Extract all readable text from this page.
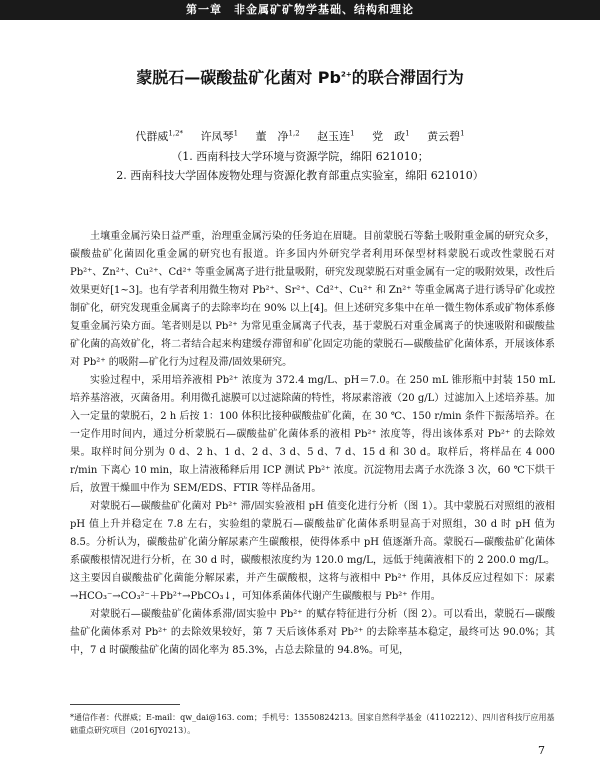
第一章　非金属矿矿物学基础、结构和理论
蒙脱石—碳酸盐矿化菌对 $Pb^{2+}$的联合滞固行为
代群威$^{1,2*}$ 许凤琴$^1$ 董　净$^{1,2}$ 赵玉连$^1$ 党　政$^1$ 黄云碧$^1$
（1. 西南科技大学环境与资源学院，绵阳 621010；
2. 西南科技大学固体废物处理与资源化教育部重点实验室，绵阳 621010）

土壤重金属污染日益严重，治理重金属污染的任务迫在眉睫。目前蒙脱石等黏土吸附重金属的研究众多，碳酸盐矿化菌固化重金属的研究也有报道。许多国内外研究学者利用环保型材料蒙脱石或改性蒙脱石对 Pb²⁺、Zn²⁺、Cu²⁺、Cd²⁺ 等重金属离子进行批量吸附，研究发现蒙脱石对重金属有一定的吸附效果，改性后效果更好[1~3]。也有学者利用微生物对 Pb²⁺、Sr²⁺、Cd²⁺、Cu²⁺ 和 Zn²⁺ 等重金属离子进行诱导矿化或控制矿化，研究发现重金属离子的去除率均在 90% 以上[4]。但上述研究多集中在单一微生物体系或矿物体系修复重金属污染方面。笔者则是以 Pb²⁺ 为常见重金属离子代表，基于蒙脱石对重金属离子的快速吸附和碳酸盐矿化菌的高效矿化，将二者结合起来构建缓存滞留和矿化固定功能的蒙脱石—碳酸盐矿化菌体系，开展该体系对 Pb²⁺ 的吸附—矿化行为过程及滞/固效果研究。

实验过程中，采用培养液相 Pb²⁺ 浓度为 372.4 mg/L、pH＝7.0。在 250 mL 锥形瓶中封装 150 mL 培养基溶液，灭菌备用。利用微孔滤膜可以过滤除菌的特性，将尿素溶液（20 g/L）过滤加入上述培养基。加入一定量的蒙脱石，2 h 后按 1：100 体积比接种碳酸盐矿化菌，在 30 ℃、150 r/min 条件下振荡培养。在一定作用时间内，通过分析蒙脱石—碳酸盐矿化菌体系的液相 Pb²⁺ 浓度等，得出该体系对 Pb²⁺ 的去除效果。取样时间分别为 0 d、2 h、1 d、2 d、3 d、5 d、7 d、15 d 和 30 d。取样后，将样品在 4 000 r/min 下离心 10 min，取上清液稀释后用 ICP 测试 Pb²⁺ 浓度。沉淀物用去离子水洗涤 3 次，60 ℃下烘干后，放置干燥皿中作为 SEM/EDS、FTIR 等样品备用。

对蒙脱石—碳酸盐矿化菌对 Pb²⁺ 滞/固实验液相 pH 值变化进行分析（图 1）。其中蒙脱石对照组的液相 pH 值上升并稳定在 7.8 左右，实验组的蒙脱石—碳酸盐矿化菌体系明显高于对照组，30 d 时 pH 值为 8.5。分析认为，碳酸盐矿化菌分解尿素产生碳酸根，使得体系中 pH 值逐渐升高。蒙脱石—碳酸盐矿化菌体系碳酸根情况进行分析，在 30 d 时，碳酸根浓度约为 120.0 mg/L，远低于纯菌液相下的 2 200.0 mg/L。这主要因自碳酸盐矿化菌能分解尿素，并产生碳酸根，这将与液相中 Pb²⁺ 作用，具体反应过程如下：尿素→HCO₃⁻→CO₃²⁻＋Pb²⁺→PbCO₃↓，可知体系菌体代谢产生碳酸根与 Pb²⁺ 作用。

对蒙脱石—碳酸盐矿化菌体系滞/固实验中 Pb²⁺ 的赋存特征进行分析（图 2）。可以看出，蒙脱石—碳酸盐矿化菌体系对 Pb²⁺ 的去除效果较好，第 7 天后该体系对 Pb²⁺ 的去除率基本稳定，最终可达 90.0%；其中，7 d 时碳酸盐矿化菌的固化率为 85.3%，占总去除量的 94.8%。可见，

*通信作者：代群威；E-mail：qw_dai@163. com；手机号：13550824213。国家自然科学基金（41102212）、四川省科技厅应用基础重点研究项目（2016JY0213）。
7
